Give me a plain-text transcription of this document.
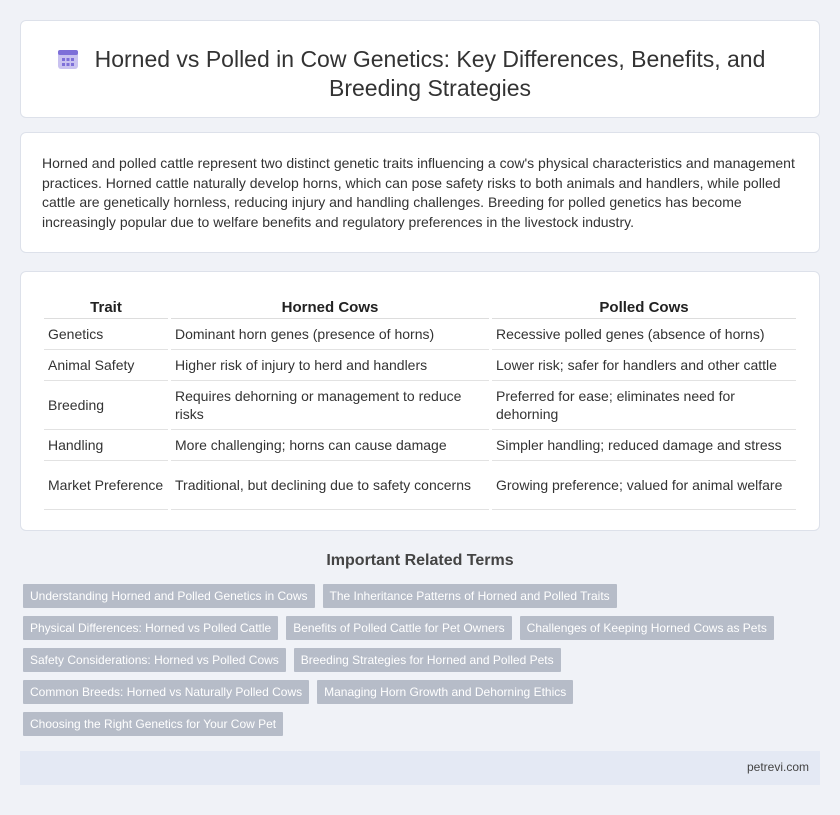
Horned vs Polled in Cow Genetics: Key Differences, Benefits, and Breeding Strategies

Horned and polled cattle represent two distinct genetic traits influencing a cow's physical characteristics and management practices. Horned cattle naturally develop horns, which can pose safety risks to both animals and handlers, while polled cattle are genetically hornless, reducing injury and handling challenges. Breeding for polled genetics has become increasingly popular due to welfare benefits and regulatory preferences in the livestock industry.

Trait	Horned Cows	Polled Cows
Genetics	Dominant horn genes (presence of horns)	Recessive polled genes (absence of horns)
Animal Safety	Higher risk of injury to herd and handlers	Lower risk; safer for handlers and other cattle
Breeding	Requires dehorning or management to reduce risks	Preferred for ease; eliminates need for dehorning
Handling	More challenging; horns can cause damage	Simpler handling; reduced damage and stress
Market Preference	Traditional, but declining due to safety concerns	Growing preference; valued for animal welfare
Important Related Terms
Understanding Horned and Polled Genetics in Cows	The Inheritance Patterns of Horned and Polled Traits
Physical Differences: Horned vs Polled Cattle	Benefits of Polled Cattle for Pet Owners	Challenges of Keeping Horned Cows as Pets
Safety Considerations: Horned vs Polled Cows	Breeding Strategies for Horned and Polled Pets
Common Breeds: Horned vs Naturally Polled Cows	Managing Horn Growth and Dehorning Ethics
Choosing the Right Genetics for Your Cow Pet
petrevi.com
